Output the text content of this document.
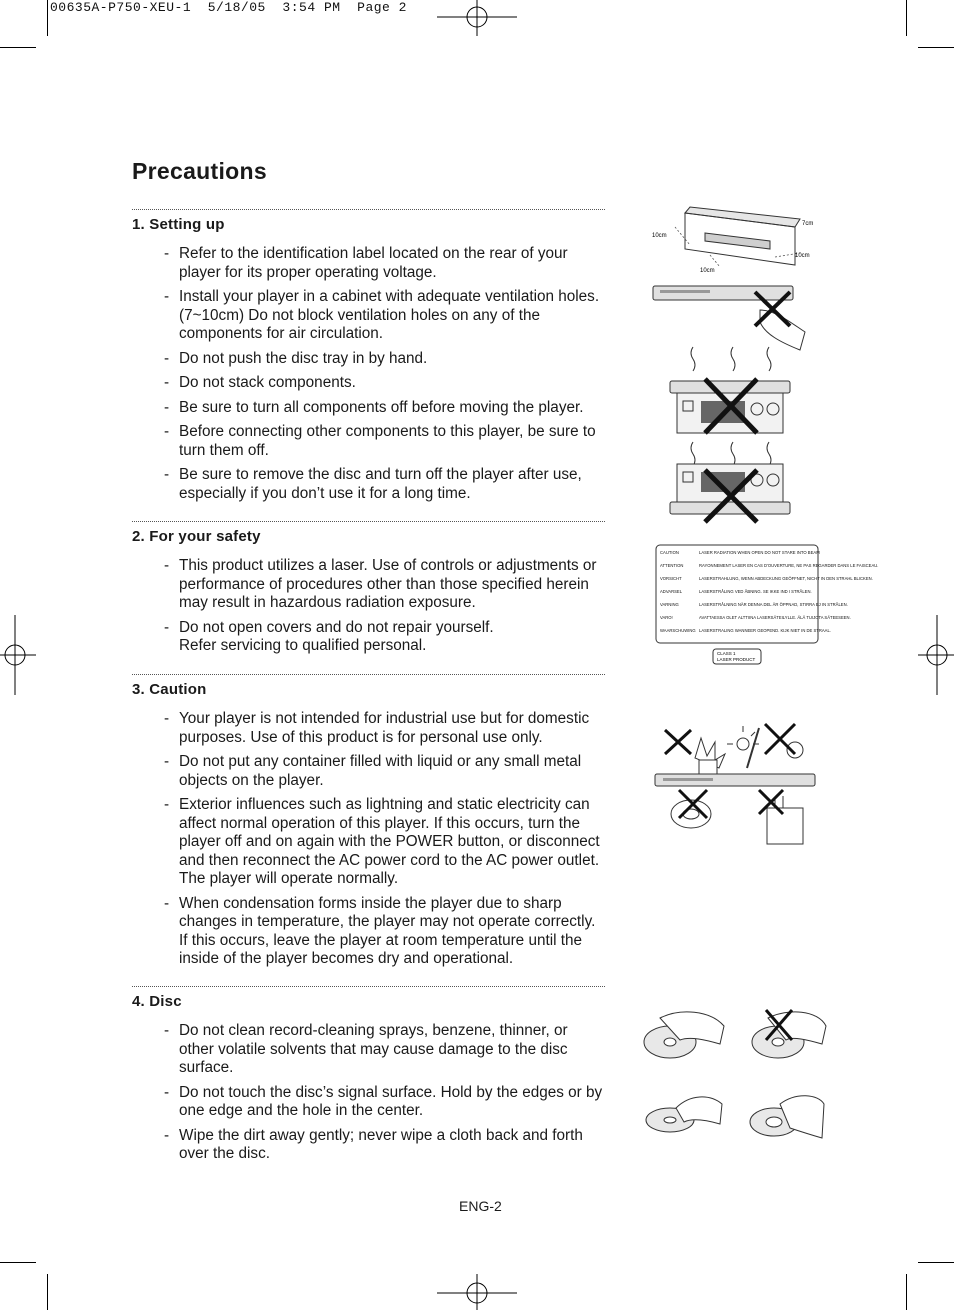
00635A-P750-XEU-1  5/18/05  3:54 PM  Page 2
Precautions
1. Setting up
- Refer to the identification label located on the rear of your player for its proper operating voltage.
- Install your player in a cabinet with adequate ventilation holes. (7~10cm) Do not block ventilation holes on any of the components for air circulation.
- Do not push the disc tray in by hand.
- Do not stack components.
- Be sure to turn all components off before moving the player.
- Before connecting other components to this player, be sure to turn them off.
- Be sure to remove the disc and turn off the player after use, especially if you don’t use it for a long time.
2. For your safety
- This product utilizes a laser. Use of controls or adjustments or performance of procedures other than those specified herein may result in hazardous radiation exposure.
- Do not open covers and do not repair yourself.
Refer servicing to qualified personal.
3. Caution
- Your player is not intended for industrial use but for domestic purposes. Use of this product is for personal use only.
- Do not put any container filled with liquid or any small metal objects on the player.
- Exterior influences such as lightning and static electricity can affect normal operation of this player. If this occurs, turn the player off and on again with the POWER button, or disconnect and then reconnect the AC power cord to the AC power outlet. The player will operate normally.
- When condensation forms inside the player due to sharp changes in temperature, the player may not operate correctly. If this occurs, leave the player at room temperature until the inside of the player becomes dry and operational.
4. Disc
- Do not clean record-cleaning sprays, benzene, thinner, or other volatile solvents that may cause damage to the disc surface.
- Do not touch the disc’s signal surface. Hold by the edges or by one edge and the hole in the center.
- Wipe the dirt away gently; never wipe a cloth back and forth over the disc.
10cm
10cm
10cm
7cm
CAUTION	LASER RADIATION WHEN OPEN DO NOT STARE INTO BEAM
ATTENTION	RAYONNEMENT LASER EN CAS D'OUVERTURE, NE PAS REGARDER DANS LE FAISCEAU.
VORSICHT	LASERSTRAHLUNG, WENN ABDECKUNG GEÖFFNET, NICHT IN DEN STRAHL BLICKEN.
ADVARSEL	LASERSTRÅLING VED ÅBNING. SE IKKE IND I STRÅLEN.
VARNING	LASERSTRÅLNING NÄR DENNA DEL ÄR ÖPPNAD, STIRRA EJ IN STRÅLEN.
VARO!	AVATTAESSA OLET ALTTIINA LASERSÄTEILYLLE. ÄLÄ TUIJOTA SÄTEESEEN.
WAARSCHUWING LASERSTRALING WANNEER GEOPEND. KIJK NIET IN DE STRAAL.
CLASS 1
LASER PRODUCT
ENG-2
